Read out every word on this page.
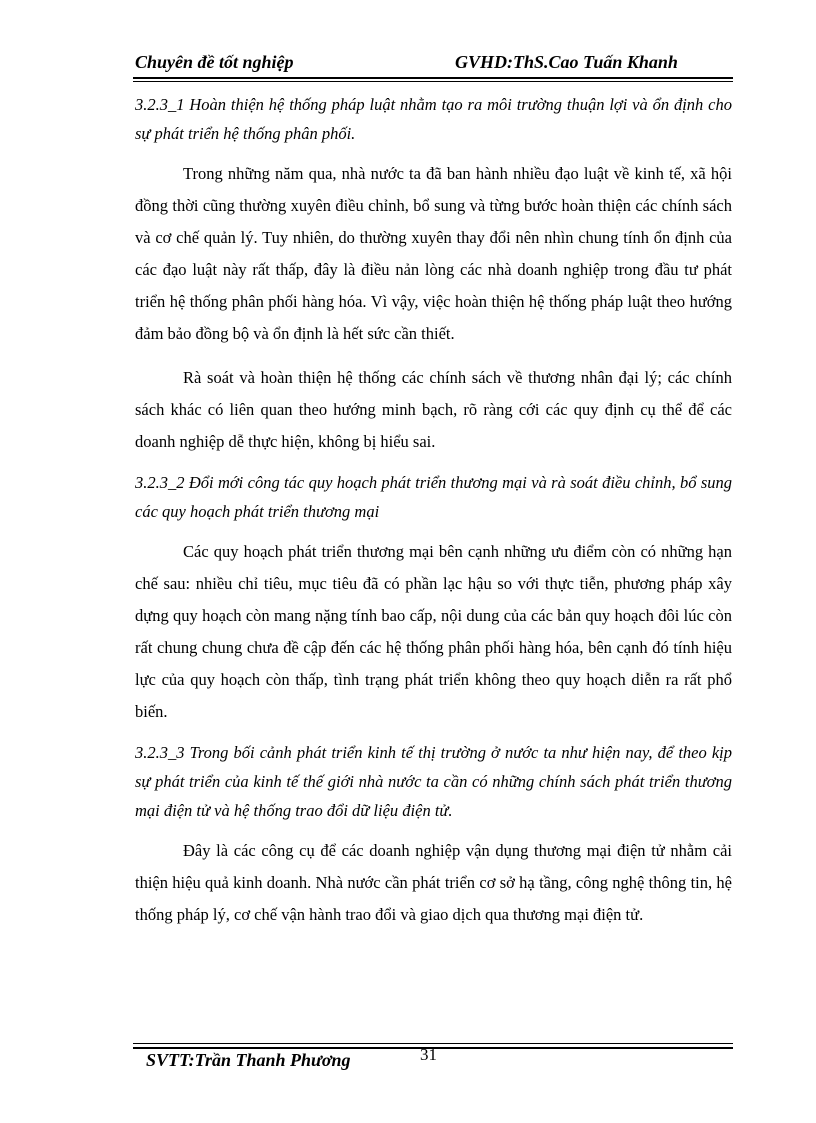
Chuyên đề tốt nghiệp	GVHD:ThS.Cao Tuấn Khanh

3.2.3_1 Hoàn thiện hệ thống pháp luật nhằm tạo ra môi trường thuận lợi và ổn định cho sự phát triển hệ thống phân phối.

Trong những năm qua, nhà nước ta đã ban hành nhiều đạo luật về kinh tế, xã hội đồng thời cũng thường xuyên điều chỉnh, bổ sung và từng bước hoàn thiện các chính sách và cơ chế quản lý. Tuy nhiên, do thường xuyên thay đổi nên nhìn chung tính ổn định của các đạo luật này rất thấp, đây là điều nản lòng các nhà doanh nghiệp trong đầu tư phát triển hệ thống phân phối hàng hóa. Vì vậy, việc hoàn thiện hệ thống pháp luật theo hướng đảm bảo đồng bộ và ổn định là hết sức cần thiết.

Rà soát và hoàn thiện hệ thống các chính sách về thương nhân đại lý; các chính sách khác có liên quan theo hướng minh bạch, rõ ràng cới các quy định cụ thể để các doanh nghiệp dễ thực hiện, không bị hiểu sai.

3.2.3_2 Đổi mới công tác quy hoạch phát triển thương mại và rà soát điều chỉnh, bổ sung các quy hoạch phát triển thương mại

Các quy hoạch phát triển thương mại bên cạnh những ưu điểm còn có những hạn chế sau: nhiều chỉ tiêu, mục tiêu đã có phần lạc hậu so với thực tiễn, phương pháp xây dựng quy hoạch còn mang nặng tính bao cấp, nội dung của các bản quy hoạch đôi lúc còn rất chung chung chưa đề cập đến các hệ thống phân phối hàng hóa, bên cạnh đó tính hiệu lực của quy hoạch còn thấp, tình trạng phát triển không theo quy hoạch diễn ra rất phổ biến.

3.2.3_3 Trong bối cảnh phát triển kinh tế thị trường ở nước ta như hiện nay, để theo kịp sự phát triển của kinh tế thế giới nhà nước ta cần có những chính sách phát triển thương mại điện tử và hệ thống trao đổi dữ liệu điện tử.

Đây là các công cụ để các doanh nghiệp vận dụng thương mại điện tử nhằm cải thiện hiệu quả kinh doanh. Nhà nước cần phát triển cơ sở hạ tầng, công nghệ thông tin, hệ thống pháp lý, cơ chế vận hành trao đổi và giao dịch qua thương mại điện tử.

SVTT:Trần Thanh Phương	31
